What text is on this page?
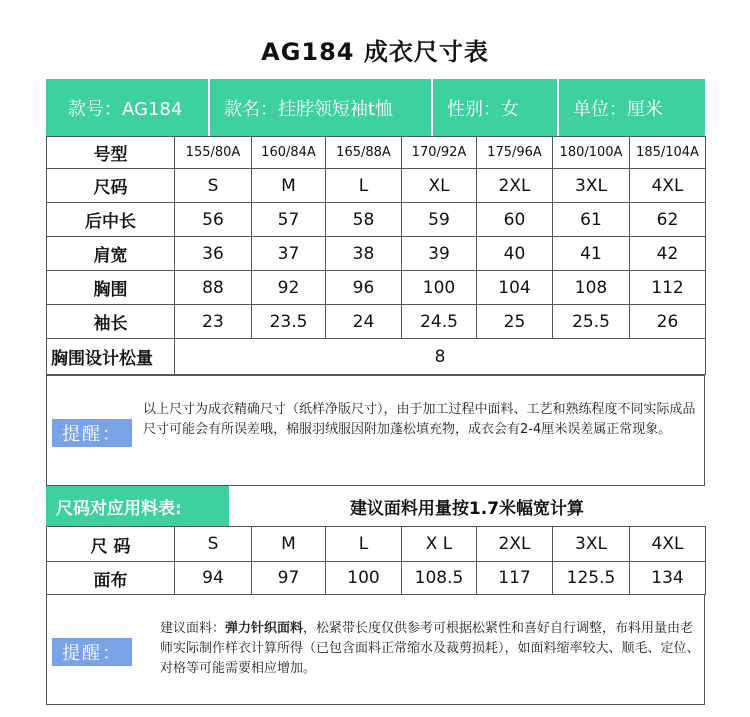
AG184 成衣尺寸表
款号：AG184	款名：挂脖领短袖t恤	性别：女	单位：厘米
号型	155/80A	160/84A	165/88A	170/92A	175/96A	180/100A	185/104A
尺码	S	M	L	XL	2XL	3XL	4XL
后中长	56	57	58	59	60	61	62
肩宽	36	37	38	39	40	41	42
胸围	88	92	96	100	104	108	112
袖长	23	23.5	24	24.5	25	25.5	26
胸围设计松量	8						
提醒：
以上尺寸为成衣精确尺寸（纸样净版尺寸），由于加工过程中面料、工艺和熟练程度不同实际成品尺寸可能会有所误差哦，棉服羽绒服因附加蓬松填充物，成衣会有2-4厘米误差属正常现象。
尺码对应用料表:	建议面料用量按1.7米幅宽计算
尺 码	S	M	L	X L	2XL	3XL	4XL
面布	94	97	100	108.5	117	125.5	134
提醒：
建议面料：弹力针织面料，松紧带长度仅供参考可根据松紧性和喜好自行调整，布料用量由老师实际制作样衣计算所得（已包含面料正常缩水及裁剪损耗），如面料缩率较大、顺毛、定位、对格等可能需要相应增加。
